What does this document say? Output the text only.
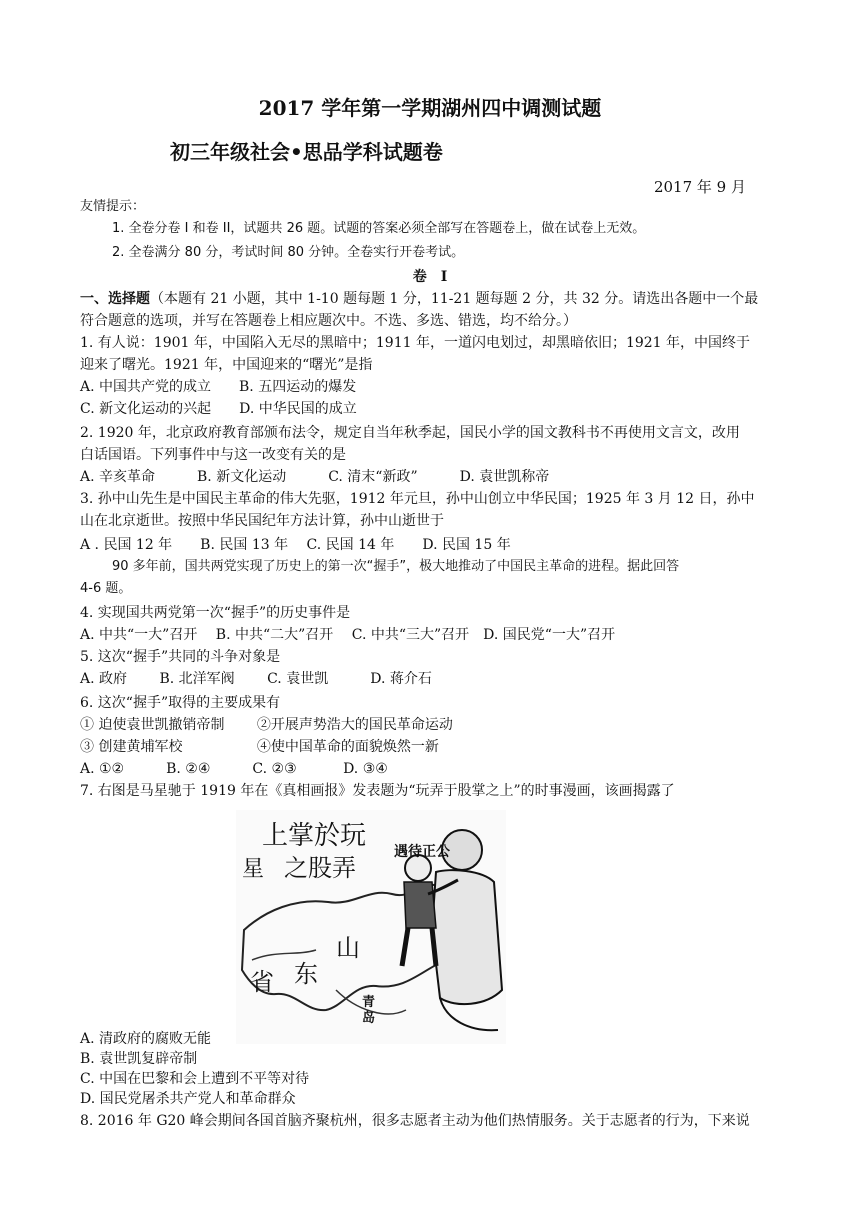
2017 学年第一学期湖州四中调测试题
初三年级社会•思品学科试题卷
2017 年 9 月
友情提示：
1. 全卷分卷 I 和卷 II，试题共 26 题。试题的答案必须全部写在答题卷上，做在试卷上无效。
2. 全卷满分 80 分，考试时间 80 分钟。全卷实行开卷考试。
卷　I
一、选择题（本题有 21 小题，其中 1-10 题每题 1 分，11-21 题每题 2 分，共 32 分。请选出各题中一个最
符合题意的选项，并写在答题卷上相应题次中。不选、多选、错选，均不给分。）
1. 有人说：1901 年，中国陷入无尽的黑暗中；1911 年，一道闪电划过，却黑暗依旧；1921 年，中国终于
迎来了曙光。1921 年，中国迎来的“曙光”是指
A. 中国共产党的成立　　B. 五四运动的爆发
C. 新文化运动的兴起　　D. 中华民国的成立
2. 1920 年，北京政府教育部颁布法令，规定自当年秋季起，国民小学的国文教科书不再使用文言文，改用
白话国语。下列事件中与这一改变有关的是
A. 辛亥革命　　　B. 新文化运动　　　C. 清末“新政”　　　D. 袁世凯称帝
3. 孙中山先生是中国民主革命的伟大先驱，1912 年元旦，孙中山创立中华民国；1925 年 3 月 12 日，孙中
山在北京逝世。按照中华民国纪年方法计算，孙中山逝世于
A . 民国 12 年　　B. 民国 13 年　 C. 民国 14 年　　D. 民国 15 年
90 多年前，国共两党实现了历史上的第一次“握手”，极大地推动了中国民主革命的进程。据此回答
4-6 题。
4. 实现国共两党第一次“握手”的历史事件是
A. 中共“一大”召开　 B. 中共“二大”召开　 C. 中共“三大”召开　D. 国民党“一大”召开
5. 这次“握手”共同的斗争对象是
A. 政府　　 B. 北洋军阀　　 C. 袁世凯　　　D. 蒋介石
6. 这次“握手”取得的主要成果有
① 迫使袁世凯撤销帝制　　 ②开展声势浩大的国民革命运动
③ 创建黄埔军校　　　　　 ④使中国革命的面貌焕然一新
A. ①②　　　B. ②④　　　C. ②③　　　 D. ③④
7. 右图是马星驰于 1919 年在《真相画报》发表题为“玩弄于股掌之上”的时事漫画，该画揭露了
上掌於玩
星 之股弄
遇待正公
山
东
省
青
岛
A. 清政府的腐败无能
B. 袁世凯复辟帝制
C. 中国在巴黎和会上遭到不平等对待
D. 国民党屠杀共产党人和革命群众
8. 2016 年 G20 峰会期间各国首脑齐聚杭州，很多志愿者主动为他们热情服务。关于志愿者的行为，下来说
